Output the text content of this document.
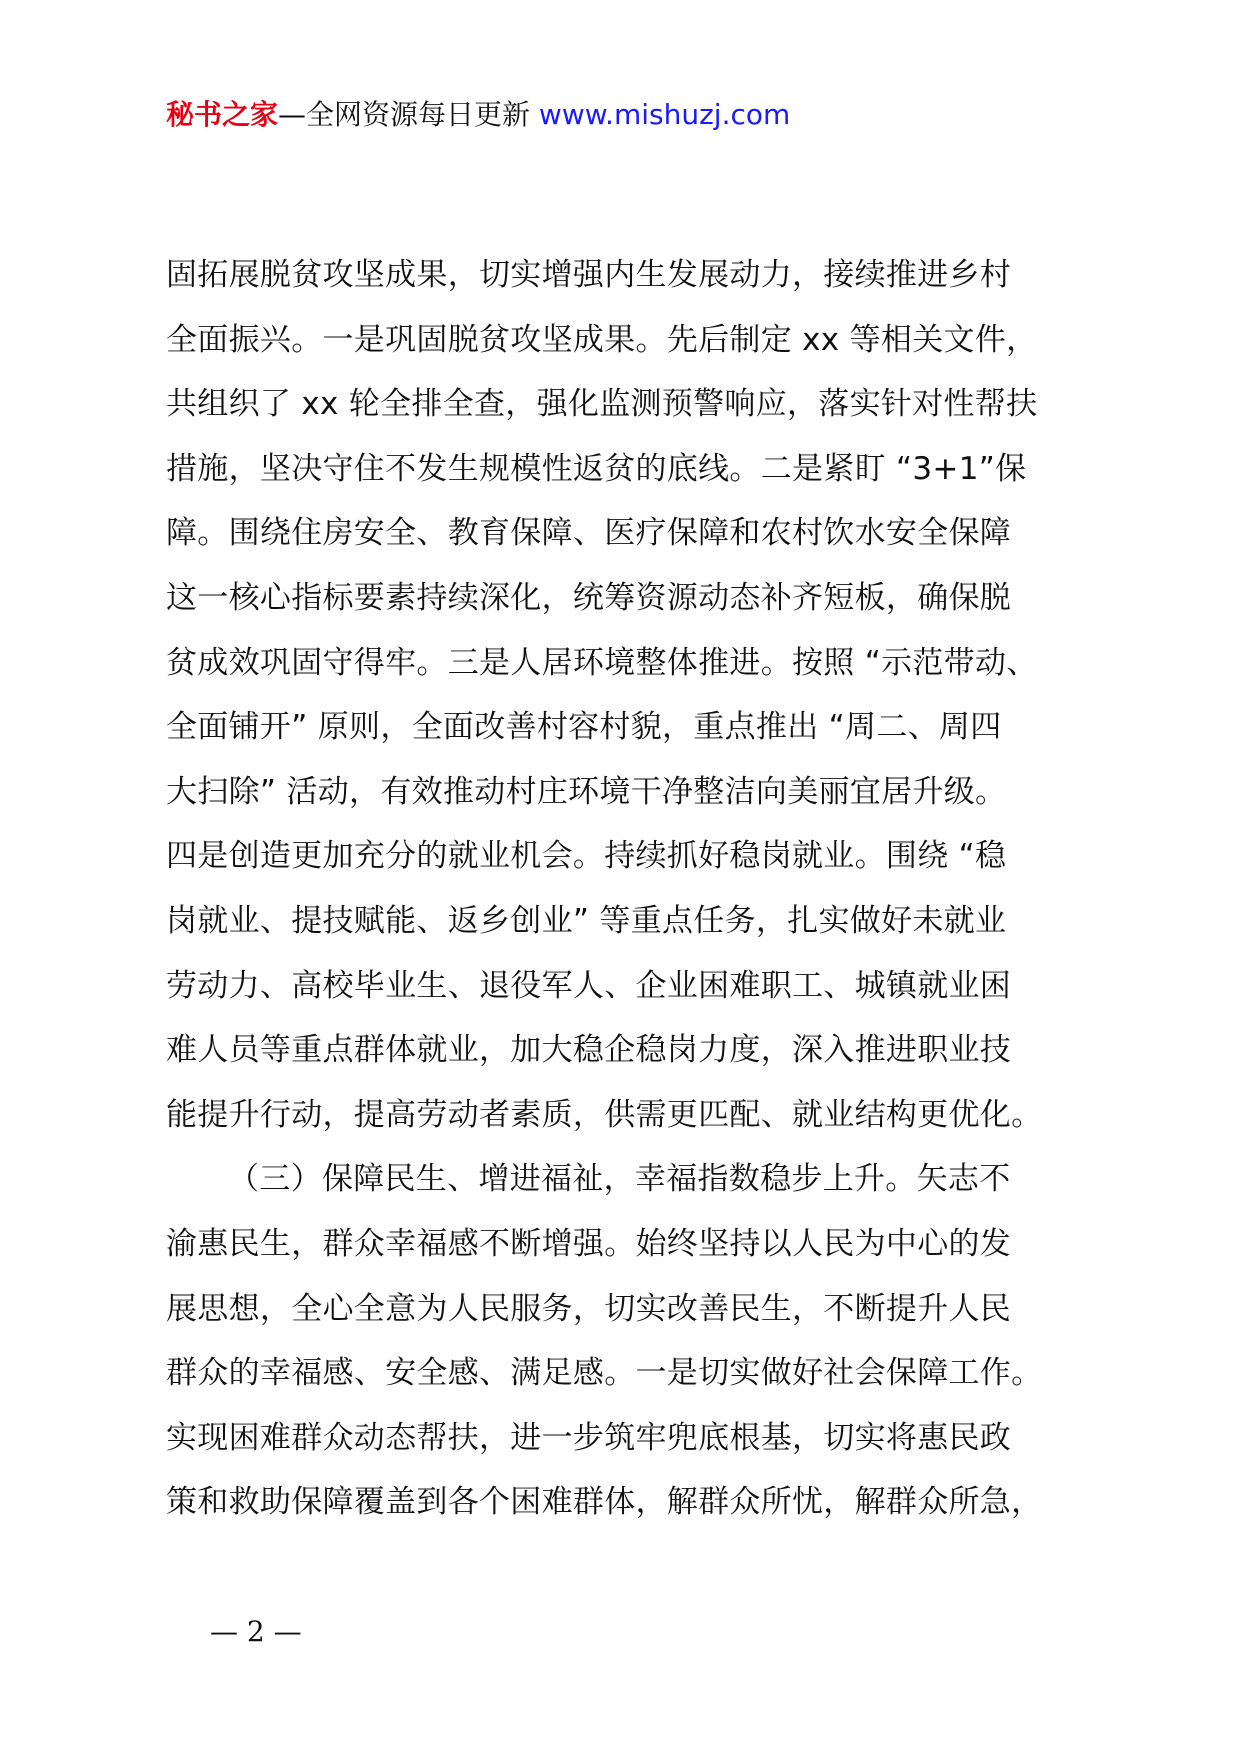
秘书之家—全网资源每日更新 www.mishuzj.com
固拓展脱贫攻坚成果，切实增强内生发展动力，接续推进乡村
全面振兴。一是巩固脱贫攻坚成果。先后制定 xx 等相关文件，
共组织了 xx 轮全排全查，强化监测预警响应，落实针对性帮扶
措施，坚决守住不发生规模性返贫的底线。二是紧盯 “3+1”保
障。围绕住房安全、教育保障、医疗保障和农村饮水安全保障
这一核心指标要素持续深化，统筹资源动态补齐短板，确保脱
贫成效巩固守得牢。三是人居环境整体推进。按照 “示范带动、
全面铺开” 原则，全面改善村容村貌，重点推出 “周二、周四
大扫除” 活动，有效推动村庄环境干净整洁向美丽宜居升级。
四是创造更加充分的就业机会。持续抓好稳岗就业。围绕 “稳
岗就业、提技赋能、返乡创业” 等重点任务，扎实做好未就业
劳动力、高校毕业生、退役军人、企业困难职工、城镇就业困
难人员等重点群体就业，加大稳企稳岗力度，深入推进职业技
能提升行动，提高劳动者素质，供需更匹配、就业结构更优化。
（三）保障民生、增进福祉，幸福指数稳步上升。矢志不
渝惠民生，群众幸福感不断增强。始终坚持以人民为中心的发
展思想，全心全意为人民服务，切实改善民生，不断提升人民
群众的幸福感、安全感、满足感。一是切实做好社会保障工作。
实现困难群众动态帮扶，进一步筑牢兜底根基，切实将惠民政
策和救助保障覆盖到各个困难群体，解群众所忧，解群众所急，
— 2 —
